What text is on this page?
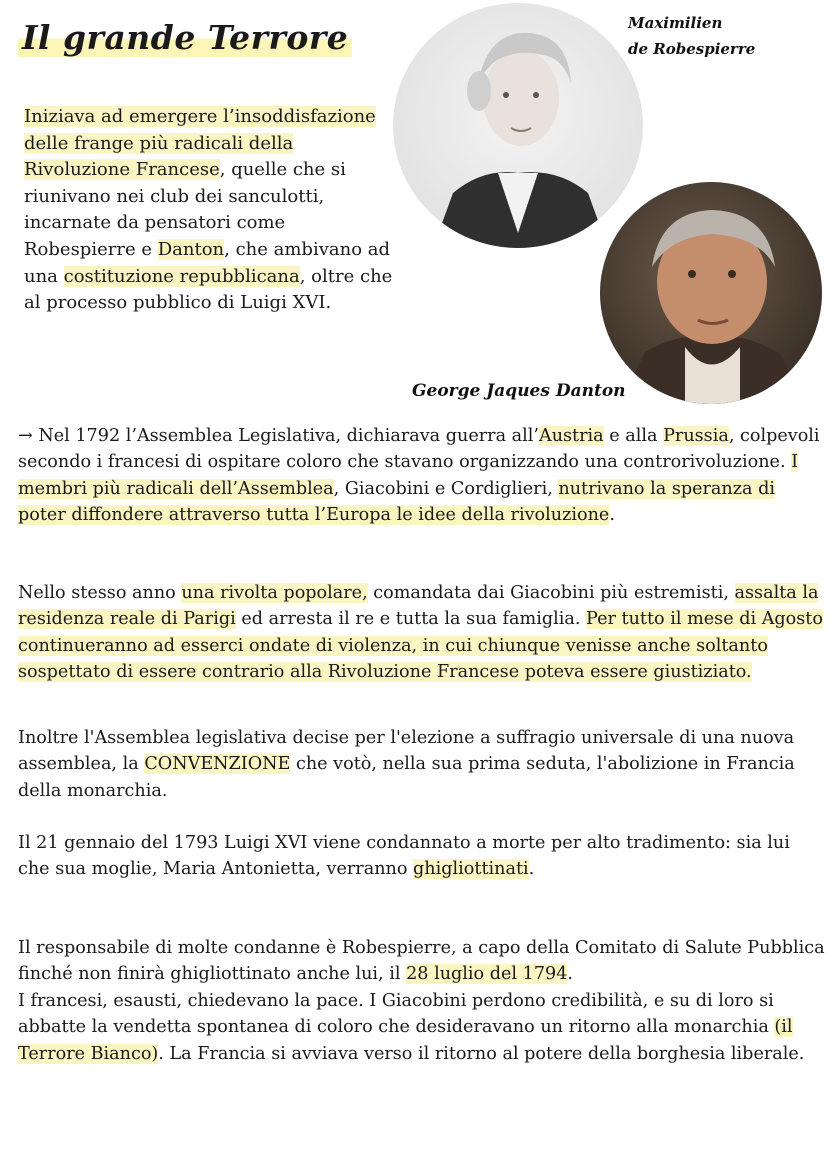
Il grande Terrore	Maximilien
de Robespierre
George Jaques Danton

Iniziava ad emergere l’insoddisfazione delle frange più radicali della Rivoluzione Francese, quelle che si riunivano nei club dei sanculotti, incarnate da pensatori come Robespierre e Danton, che ambivano ad una costituzione repubblicana, oltre che al processo pubblico di Luigi XVI.

→ Nel 1792 l’Assemblea Legislativa, dichiarava guerra all’Austria e alla Prussia, colpevoli secondo i francesi di ospitare coloro che stavano organizzando una controrivoluzione. I membri più radicali dell’Assemblea, Giacobini e Cordiglieri, nutrivano la speranza di poter diffondere attraverso tutta l’Europa le idee della rivoluzione.

Nello stesso anno una rivolta popolare, comandata dai Giacobini più estremisti, assalta la residenza reale di Parigi ed arresta il re e tutta la sua famiglia. Per tutto il mese di Agosto continueranno ad esserci ondate di violenza, in cui chiunque venisse anche soltanto sospettato di essere contrario alla Rivoluzione Francese poteva essere giustiziato.

Inoltre l'Assemblea legislativa decise per l'elezione a suffragio universale di una nuova assemblea, la CONVENZIONE che votò, nella sua prima seduta, l'abolizione in Francia della monarchia.

Il 21 gennaio del 1793 Luigi XVI viene condannato a morte per alto tradimento: sia lui che sua moglie, Maria Antonietta, verranno ghigliottinati.

Il responsabile di molte condanne è Robespierre, a capo della Comitato di Salute Pubblica finché non finirà ghigliottinato anche lui, il 28 luglio del 1794.
I francesi, esausti, chiedevano la pace. I Giacobini perdono credibilità, e su di loro si abbatte la vendetta spontanea di coloro che desideravano un ritorno alla monarchia (il Terrore Bianco). La Francia si avviava verso il ritorno al potere della borghesia liberale.
